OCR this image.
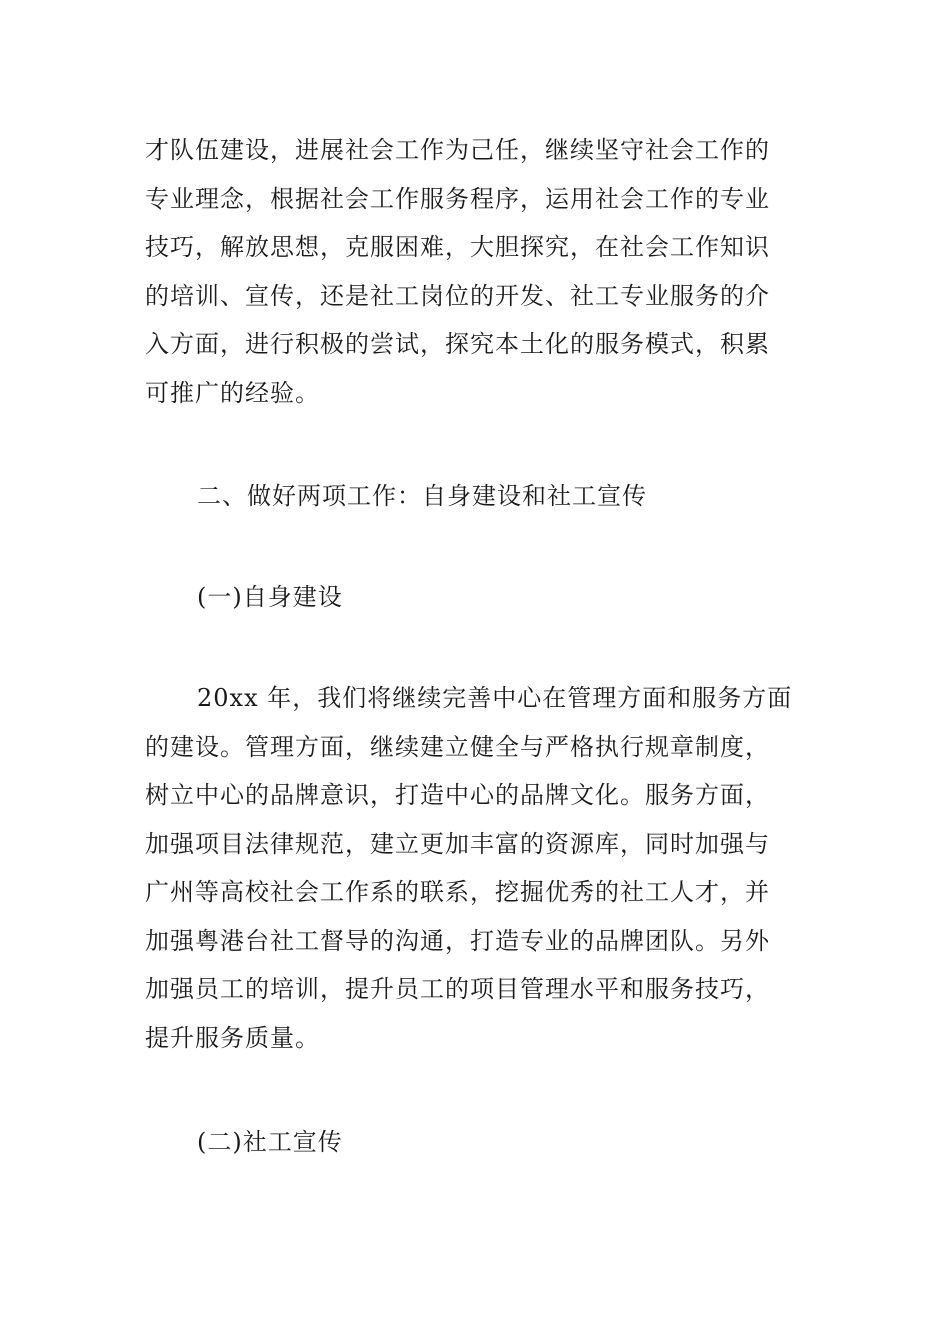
才队伍建设，进展社会工作为己任，继续坚守社会工作的
专业理念，根据社会工作服务程序，运用社会工作的专业
技巧，解放思想，克服困难，大胆探究，在社会工作知识
的培训、宣传，还是社工岗位的开发、社工专业服务的介
入方面，进行积极的尝试，探究本土化的服务模式，积累
可推广的经验。
二、做好两项工作：自身建设和社工宣传
(一)自身建设
20xx 年，我们将继续完善中心在管理方面和服务方面
的建设。管理方面，继续建立健全与严格执行规章制度，
树立中心的品牌意识，打造中心的品牌文化。服务方面，
加强项目法律规范，建立更加丰富的资源库，同时加强与
广州等高校社会工作系的联系，挖掘优秀的社工人才，并
加强粤港台社工督导的沟通，打造专业的品牌团队。另外
加强员工的培训，提升员工的项目管理水平和服务技巧，
提升服务质量。
(二)社工宣传
